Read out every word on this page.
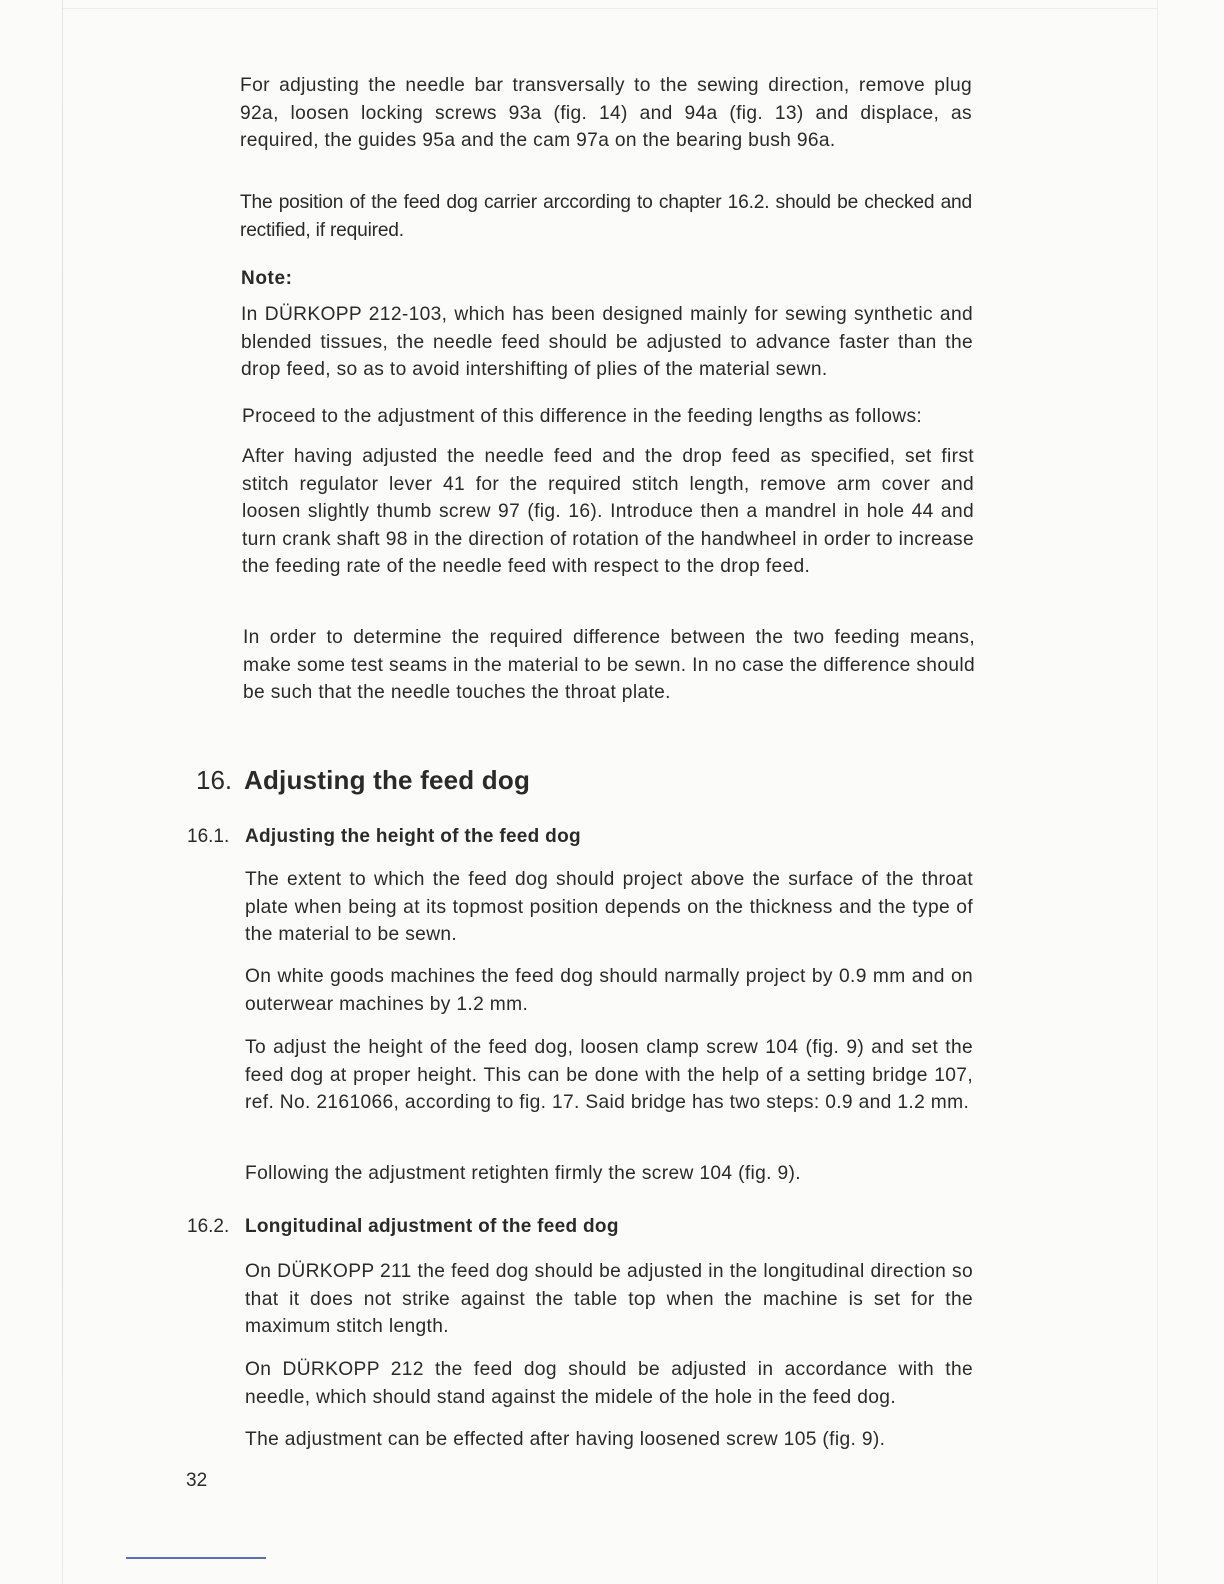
For adjusting the needle bar transversally to the sewing direction, remove plug 92a, loosen locking screws 93a (fig. 14) and 94a (fig. 13) and displace, as required, the guides 95a and the cam 97a on the bearing bush 96a.

The position of the feed dog carrier arccording to chapter 16.2. should be checked and rectified, if required.

Note:

In DÜRKOPP 212-103, which has been designed mainly for sewing synthetic and blended tissues, the needle feed should be adjusted to advance faster than the drop feed, so as to avoid intershifting of plies of the material sewn.

Proceed to the adjustment of this difference in the feeding lengths as follows:

After having adjusted the needle feed and the drop feed as specified, set first stitch regulator lever 41 for the required stitch length, remove arm cover and loosen slightly thumb screw 97 (fig. 16). Introduce then a mandrel in hole 44 and turn crank shaft 98 in the direction of rotation of the handwheel in order to increase the feeding rate of the needle feed with respect to the drop feed.

In order to determine the required difference between the two feeding means, make some test seams in the material to be sewn. In no case the difference should be such that the needle touches the throat plate.

16. Adjusting the feed dog
16.1. Adjusting the height of the feed dog

The extent to which the feed dog should project above the surface of the throat plate when being at its topmost position depends on the thickness and the type of the material to be sewn.

On white goods machines the feed dog should narmally project by 0.9 mm and on outerwear machines by 1.2 mm.

To adjust the height of the feed dog, loosen clamp screw 104 (fig. 9) and set the feed dog at proper height. This can be done with the help of a setting bridge 107, ref. No. 2161066, according to fig. 17. Said bridge has two steps: 0.9 and 1.2 mm.

Following the adjustment retighten firmly the screw 104 (fig. 9).

16.2. Longitudinal adjustment of the feed dog

On DÜRKOPP 211 the feed dog should be adjusted in the longitudinal direction so that it does not strike against the table top when the machine is set for the maximum stitch length.

On DÜRKOPP 212 the feed dog should be adjusted in accordance with the needle, which should stand against the midele of the hole in the feed dog.

The adjustment can be effected after having loosened screw 105 (fig. 9).

32
